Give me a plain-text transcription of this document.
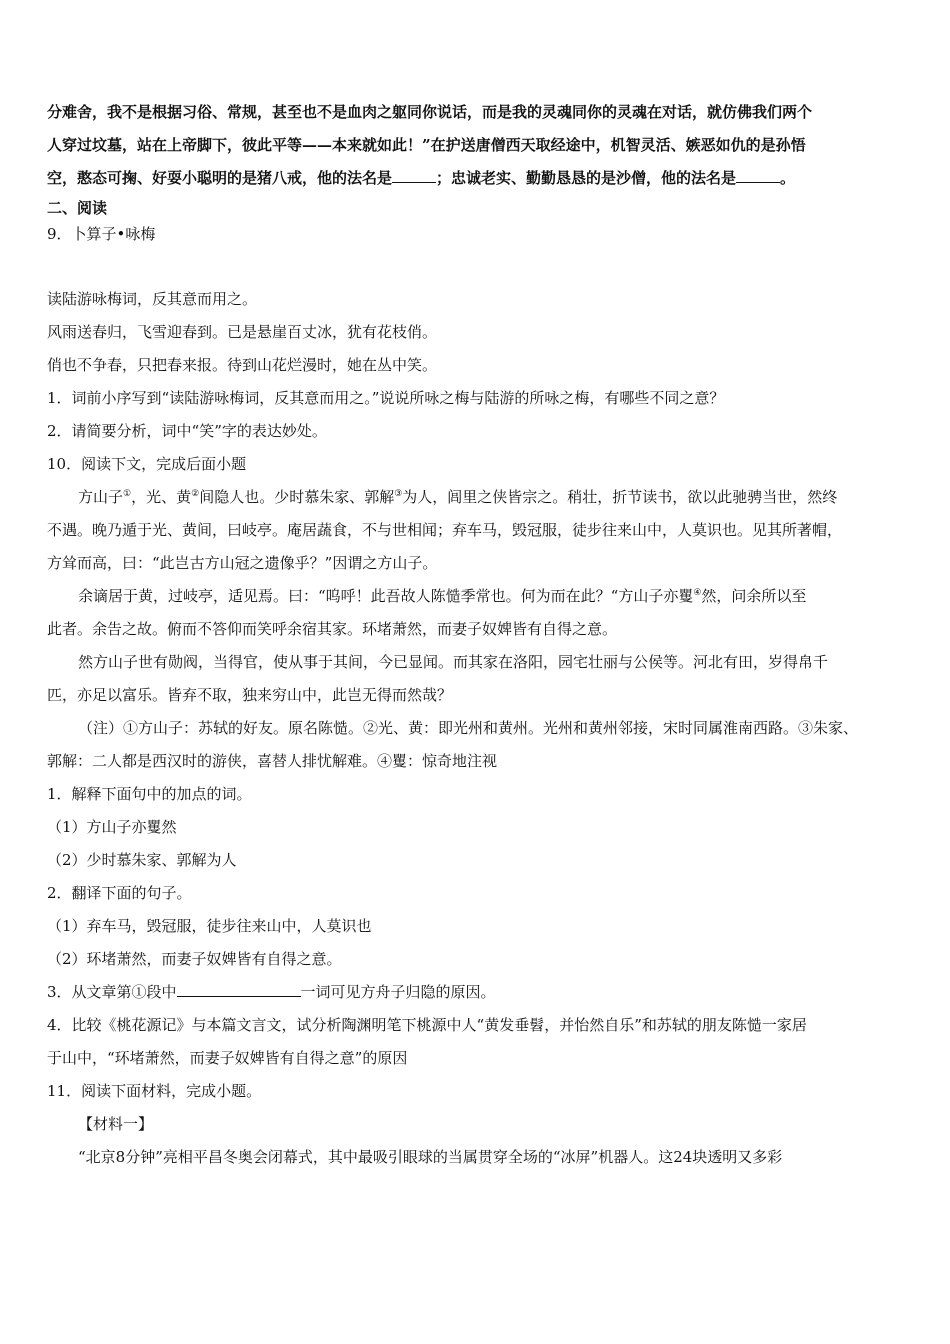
分难舍，我不是根据习俗、常规，甚至也不是血肉之躯同你说话，而是我的灵魂同你的灵魂在对话，就仿佛我们两个
人穿过坟墓，站在上帝脚下，彼此平等——本来就如此！”在护送唐僧西天取经途中，机智灵活、嫉恶如仇的是孙悟
空，憨态可掬、好耍小聪明的是猪八戒，他的法名是	；忠诚老实、勤勤恳恳的是沙僧，他的法名是	。
二、阅读
9．卜算子•咏梅
读陆游咏梅词，反其意而用之。
风雨送春归，飞雪迎春到。已是悬崖百丈冰，犹有花枝俏。
俏也不争春，只把春来报。待到山花烂漫时，她在丛中笑。
1．词前小序写到“读陆游咏梅词，反其意而用之。”说说所咏之梅与陆游的所咏之梅，有哪些不同之意？
2．请简要分析，词中“笑”字的表达妙处。
10．阅读下文，完成后面小题
方山子①，光、黄②间隐人也。少时慕朱家、郭解③为人，闾里之侠皆宗之。稍壮，折节读书，欲以此驰骋当世，然终
不遇。晚乃遁于光、黄间，曰岐亭。庵居蔬食，不与世相闻；弃车马，毁冠服，徒步往来山中，人莫识也。见其所著帽，
方耸而高，曰：“此岂古方山冠之遗像乎？”因谓之方山子。
余谪居于黄，过岐亭，适见焉。曰：“呜呼！此吾故人陈慥季常也。何为而在此？“方山子亦矍④然，问余所以至
此者。余告之故。俯而不答仰而笑呼余宿其家。环堵萧然，而妻子奴婢皆有自得之意。
然方山子世有勋阀，当得官，使从事于其间，今已显闻。而其家在洛阳，园宅壮丽与公侯等。河北有田，岁得帛千
匹，亦足以富乐。皆弃不取，独来穷山中，此岂无得而然哉？
（注）①方山子：苏轼的好友。原名陈慥。②光、黄：即光州和黄州。光州和黄州邻接，宋时同属淮南西路。③朱家、
郭解：二人都是西汉时的游侠，喜替人排忧解难。④矍：惊奇地注视
1．解释下面句中的加点的词。
（1）方山子亦矍然
（2）少时慕朱家、郭解为人
2．翻译下面的句子。
（1）弃车马，毁冠服，徒步往来山中，人莫识也
（2）环堵萧然，而妻子奴婢皆有自得之意。
3．从文章第①段中	一词可见方舟子归隐的原因。
4．比较《桃花源记》与本篇文言文，试分析陶渊明笔下桃源中人“黄发垂髫，并怡然自乐”和苏轼的朋友陈慥一家居
于山中，“环堵萧然，而妻子奴婢皆有自得之意”的原因
11．阅读下面材料，完成小题。
【材料一】
“北京8分钟”亮相平昌冬奥会闭幕式，其中最吸引眼球的当属贯穿全场的“冰屏”机器人。这24块透明又多彩
